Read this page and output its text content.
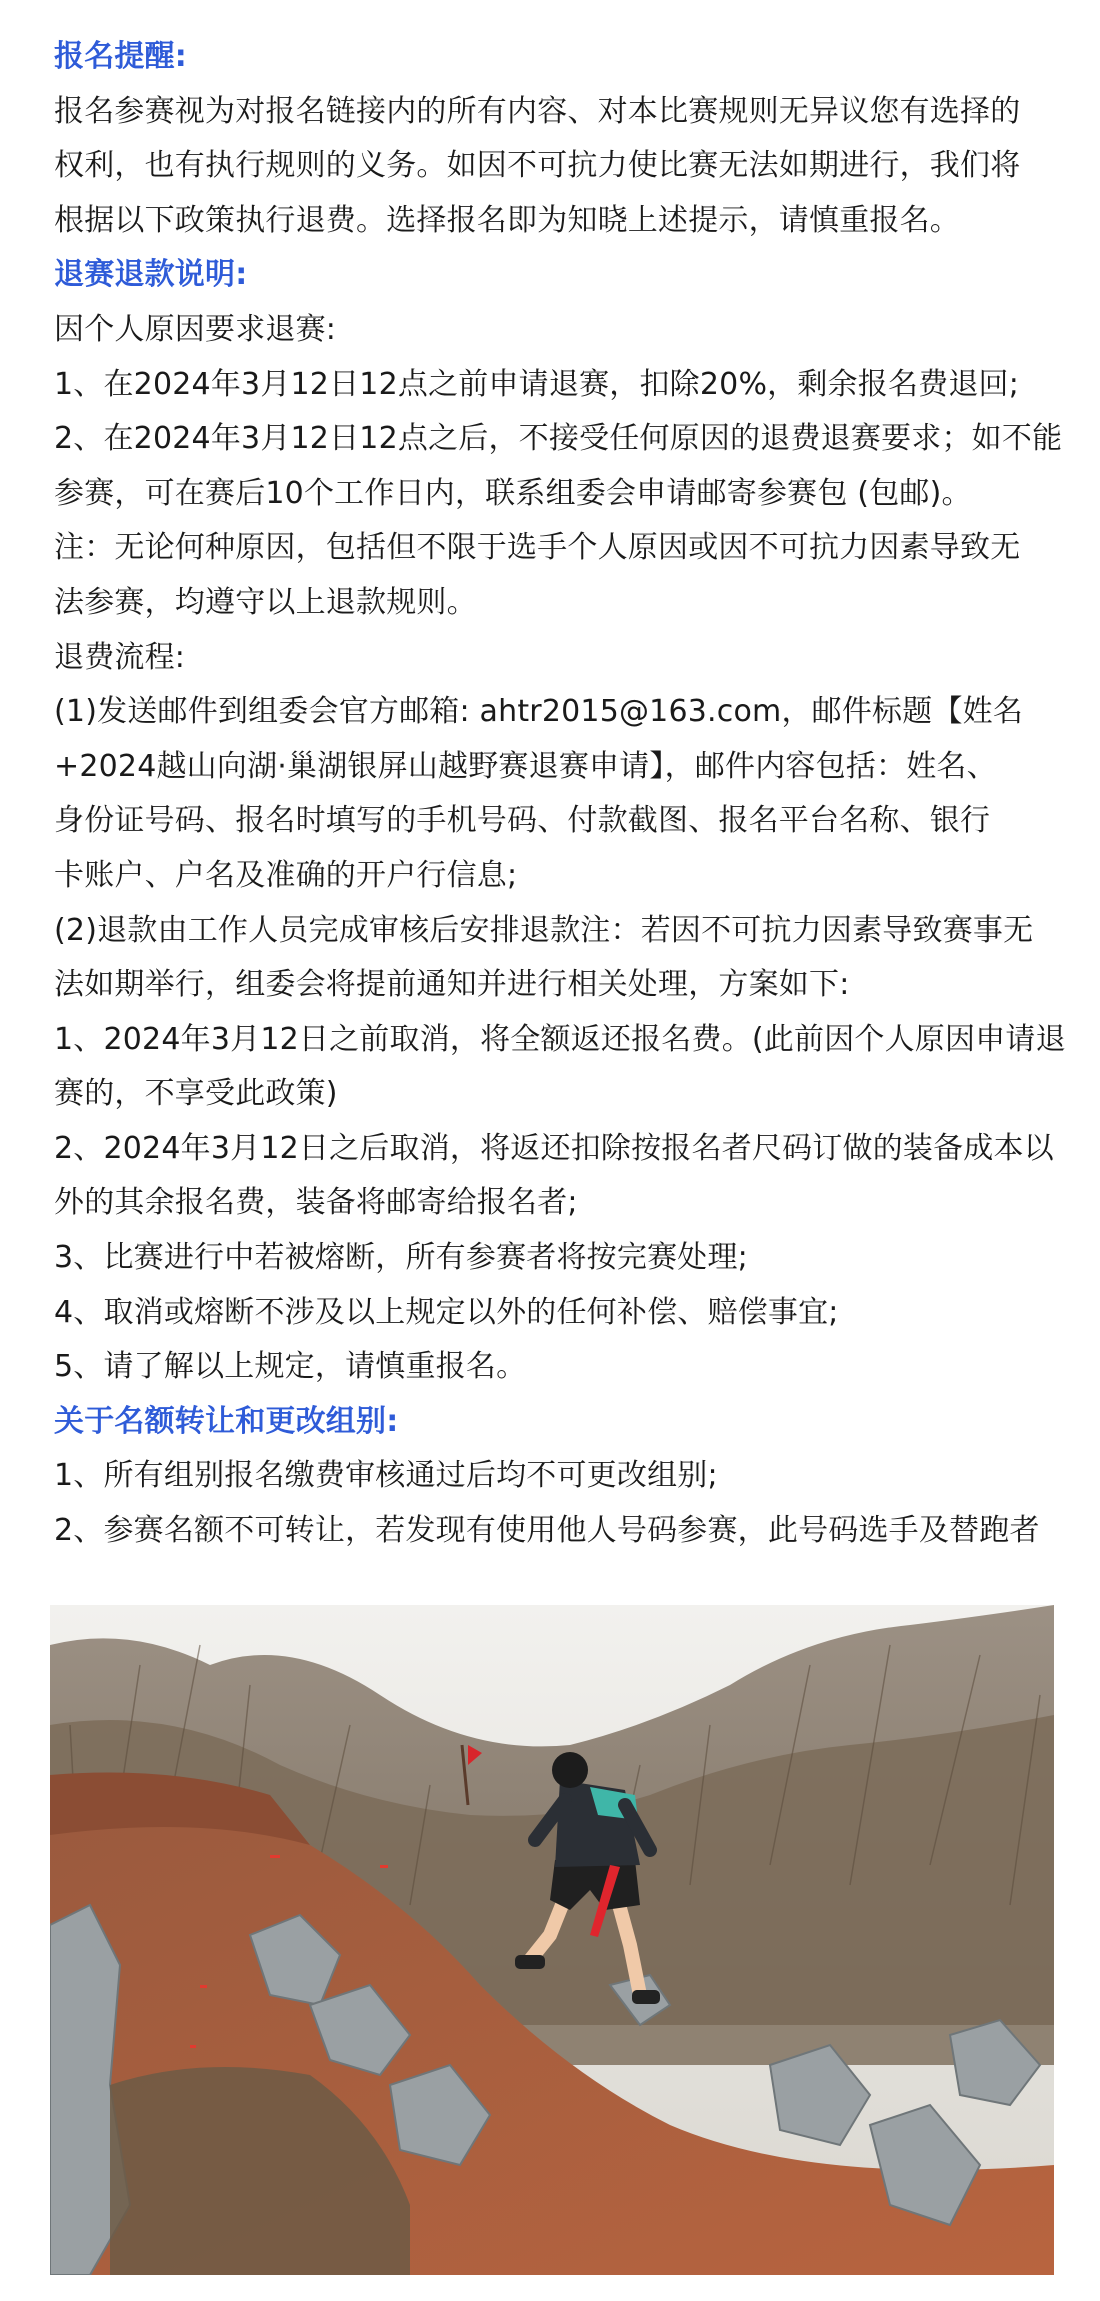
报名提醒:
报名参赛视为对报名链接内的所有内容、对本比赛规则无异议您有选择的
权利，也有执行规则的义务。如因不可抗力使比赛无法如期进行，我们将
根据以下政策执行退费。选择报名即为知晓上述提示，请慎重报名。
退赛退款说明:
因个人原因要求退赛:
1、在2024年3月12日12点之前申请退赛，扣除20%，剩余报名费退回;
2、在2024年3月12日12点之后，不接受任何原因的退费退赛要求；如不能
参赛，可在赛后10个工作日内，联系组委会申请邮寄参赛包 (包邮)。
注：无论何种原因，包括但不限于选手个人原因或因不可抗力因素导致无
法参赛，均遵守以上退款规则。
退费流程:
(1)发送邮件到组委会官方邮箱: ahtr2015@163.com，邮件标题【姓名
+2024越山向湖·巢湖银屏山越野赛退赛申请】，邮件内容包括：姓名、
身份证号码、报名时填写的手机号码、付款截图、报名平台名称、银行
卡账户、户名及准确的开户行信息;
(2)退款由工作人员完成审核后安排退款注：若因不可抗力因素导致赛事无
法如期举行，组委会将提前通知并进行相关处理，方案如下:
1、2024年3月12日之前取消，将全额返还报名费。(此前因个人原因申请退
赛的，不享受此政策)
2、2024年3月12日之后取消，将返还扣除按报名者尺码订做的装备成本以
外的其余报名费，装备将邮寄给报名者;
3、比赛进行中若被熔断，所有参赛者将按完赛处理;
4、取消或熔断不涉及以上规定以外的任何补偿、赔偿事宜;
5、请了解以上规定，请慎重报名。
关于名额转让和更改组别:
1、所有组别报名缴费审核通过后均不可更改组别;
2、参赛名额不可转让，若发现有使用他人号码参赛，此号码选手及替跑者
